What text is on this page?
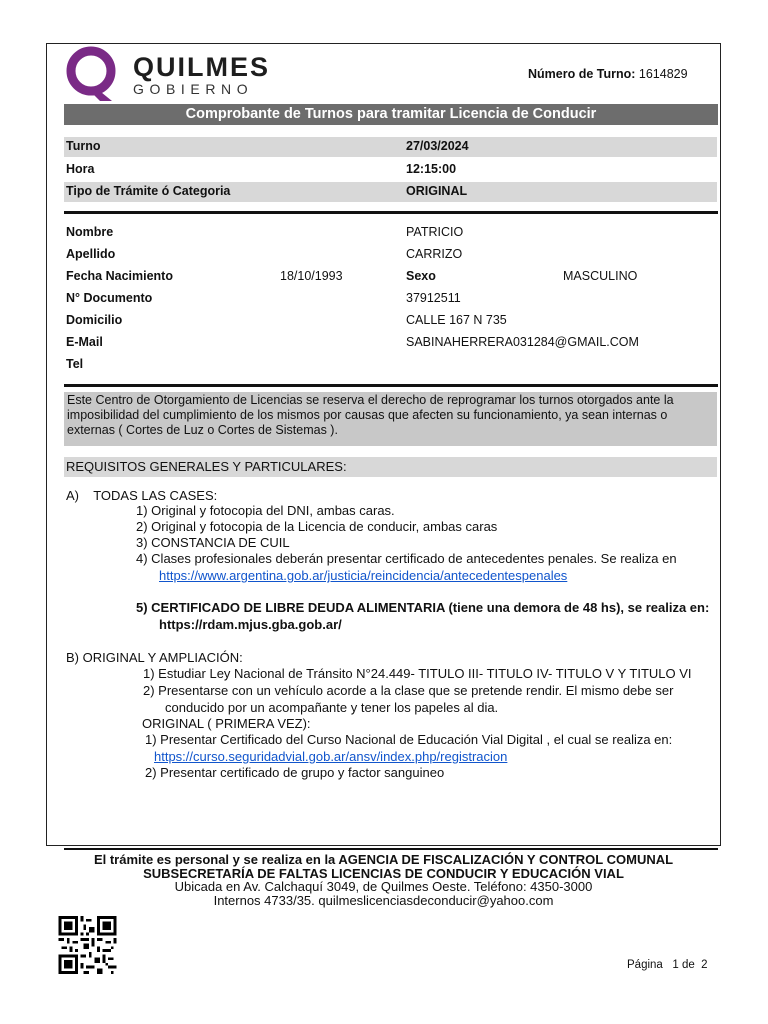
QUILMES
GOBIERNO
Número de Turno: 1614829
Comprobante de Turnos para tramitar Licencia de Conducir
Turno	27/03/2024
Hora	12:15:00
Tipo de Trámite ó Categoria	ORIGINAL
Nombre	PATRICIO
Apellido	CARRIZO
Fecha Nacimiento	18/10/1993	Sexo	MASCULINO
N° Documento	37912511
Domicilio	CALLE 167 N 735
E-Mail	SABINAHERRERA031284@GMAIL.COM
Tel
Este Centro de Otorgamiento de Licencias se reserva el derecho de reprogramar los turnos otorgados ante la
imposibilidad del cumplimiento de los mismos por causas que afecten su funcionamiento, ya sean internas o
externas ( Cortes de Luz o Cortes de Sistemas ).
REQUISITOS GENERALES Y PARTICULARES:
A)    TODAS LAS CASES:
1) Original y fotocopia del DNI, ambas caras.
2) Original y fotocopia de la Licencia de conducir, ambas caras
3) CONSTANCIA DE CUIL
4) Clases profesionales deberán presentar certificado de antecedentes penales. Se realiza en
https://www.argentina.gob.ar/justicia/reincidencia/antecedentespenales
5) CERTIFICADO DE LIBRE DEUDA ALIMENTARIA (tiene una demora de 48 hs), se realiza en:
https://rdam.mjus.gba.gob.ar/
B) ORIGINAL Y AMPLIACIÓN:
1) Estudiar Ley Nacional de Tránsito N°24.449- TITULO III- TITULO IV- TITULO V Y TITULO VI
2) Presentarse con un vehículo acorde a la clase que se pretende rendir. El mismo debe ser
conducido por un acompañante y tener los papeles al dia.
ORIGINAL ( PRIMERA VEZ):
1) Presentar Certificado del Curso Nacional de Educación Vial Digital , el cual se realiza en:
https://curso.seguridadvial.gob.ar/ansv/index.php/registracion
2) Presentar certificado de grupo y factor sanguineo
El trámite es personal y se realiza en la AGENCIA DE FISCALIZACIÓN Y CONTROL COMUNAL
SUBSECRETARÍA DE FALTAS LICENCIAS DE CONDUCIR Y EDUCACIÓN VIAL
Ubicada en Av. Calchaquí 3049, de Quilmes Oeste. Teléfono: 4350-3000
Internos 4733/35. quilmeslicenciasdeconducir@yahoo.com
Página   1 de  2
